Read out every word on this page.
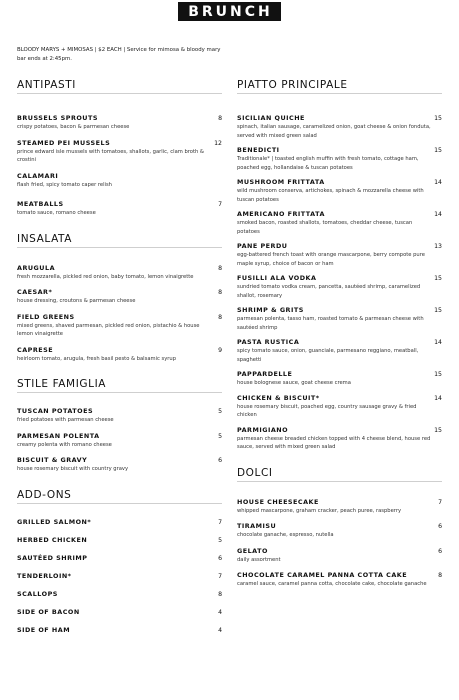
BRUNCH
BLOODY MARYS + MIMOSAS | $2 EACH | Service for mimosa & bloody mary bar ends at 2:45pm.
ANTIPASTI
BRUSSELS SPROUTS	8
crispy potatoes, bacon & parmesan cheese
STEAMED PEI MUSSELS	12
prince edward isle mussels with tomatoes, shallots, garlic, clam broth & crostini
CALAMARI
flash fried, spicy tomato caper relish
MEATBALLS	7
tomato sauce, romano cheese
INSALATA
ARUGULA	8
fresh mozzarella, pickled red onion, baby tomato, lemon vinaigrette
CAESAR*	8
house dressing, croutons & parmesan cheese
FIELD GREENS	8
mixed greens, shaved parmesan, pickled red onion, pistachio & house lemon vinaigrette
CAPRESE	9
heirloom tomato, arugula, fresh basil pesto & balsamic syrup
STILE FAMIGLIA
TUSCAN POTATOES	5
fried potatoes with parmesan cheese
PARMESAN POLENTA	5
creamy polenta with romano cheese
BISCUIT & GRAVY	6
house rosemary biscuit with country gravy
ADD-ONS
GRILLED SALMON*	7
HERBED CHICKEN	5
SAUTÉED SHRIMP	6
TENDERLOIN*	7
SCALLOPS	8
SIDE OF BACON	4
SIDE OF HAM	4
PIATTO PRINCIPALE
SICILIAN QUICHE	15
spinach, italian sausage, caramelized onion, goat cheese & onion fonduta, served with mixed green salad
BENEDICTI	15
Traditionale* | toasted english muffin with fresh tomato, cottage ham, poached egg, hollandaise & tuscan potatoes
MUSHROOM FRITTATA	14
wild mushroom conserva, artichokes, spinach & mozzarella cheese with tuscan potatoes
AMERICANO FRITTATA	14
smoked bacon, roasted shallots, tomatoes, cheddar cheese, tuscan potatoes
PANE PERDU	13
egg-battered french toast with orange mascarpone, berry compote pure maple syrup, choice of bacon or ham
FUSILLI ALA VODKA	15
sundried tomato vodka cream, pancetta, sautéed shrimp, caramelized shallot, rosemary
SHRIMP & GRITS	15
parmesan polenta, tasso ham, roasted tomato & parmesan cheese with sautéed shrimp
PASTA RUSTICA	14
spicy tomato sauce, onion, guanciale, parmesano reggiano, meatball, spaghetti
PAPPARDELLE	15
house bolognese sauce, goat cheese crema
CHICKEN & BISCUIT*	14
house rosemary biscuit, poached egg, country sausage gravy & fried chicken
PARMIGIANO	15
parmesan cheese breaded chicken topped with 4 cheese blend, house red sauce, served with mixed green salad
DOLCI
HOUSE CHEESECAKE	7
whipped mascarpone, graham cracker, peach puree, raspberry
TIRAMISU	6
chocolate ganache, espresso, nutella
GELATO	6
daily assortment
CHOCOLATE CARAMEL PANNA COTTA CAKE	8
caramel sauce, caramel panna cotta, chocolate cake, chocolate ganache
